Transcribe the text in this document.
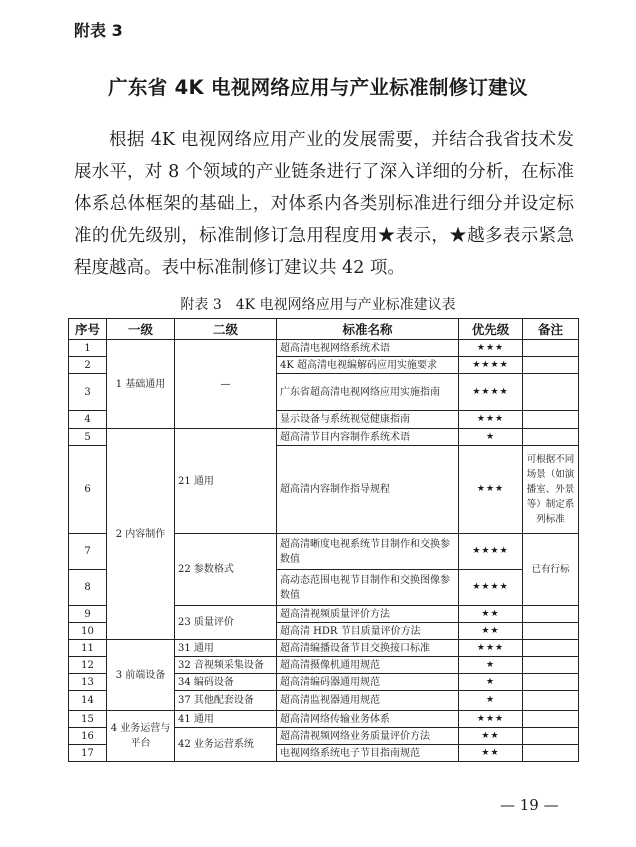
附表 3
广东省 4K 电视网络应用与产业标准制修订建议

根据 4K 电视网络应用产业的发展需要，并结合我省技术发展水平，对 8 个领域的产业链条进行了深入详细的分析，在标准体系总体框架的基础上，对体系内各类别标准进行细分并设定标准的优先级别，标准制修订急用程度用★表示，★越多表示紧急程度越高。表中标准制修订建议共 42 项。

附表 3　4K 电视网络应用与产业标准建议表
序号	一级	二级	标准名称	优先级	备注
1	1 基础通用	—	超高清电视网络系统术语	★★★	
2			4K 超高清电视编解码应用实施要求	★★★★	
3			广东省超高清电视网络应用实施指南	★★★★	
4			显示设备与系统视觉健康指南	★★★	
5	2 内容制作	21 通用	超高清节目内容制作系统术语	★	
6			超高清内容制作指导规程	★★★	可根据不同场景（如演播室、外景等）制定系列标准
7		22 参数格式	超高清晰度电视系统节目制作和交换参数值	★★★★	已有行标
8			高动态范围电视节目制作和交换图像参数值	★★★★	
9		23 质量评价	超高清视频质量评价方法	★★	
10			超高清 HDR 节目质量评价方法	★★	
11	3 前端设备	31 通用	超高清编播设备节目交换接口标准	★★★	
12		32 音视频采集设备	超高清摄像机通用规范	★	
13		34 编码设备	超高清编码器通用规范	★	
14		37 其他配套设备	超高清监视器通用规范	★	
15	4 业务运营与平台	41 通用	超高清网络传输业务体系	★★★	
16		42 业务运营系统	超高清视频网络业务质量评价方法	★★	
17			电视网络系统电子节目指南规范	★★	
— 19 —
